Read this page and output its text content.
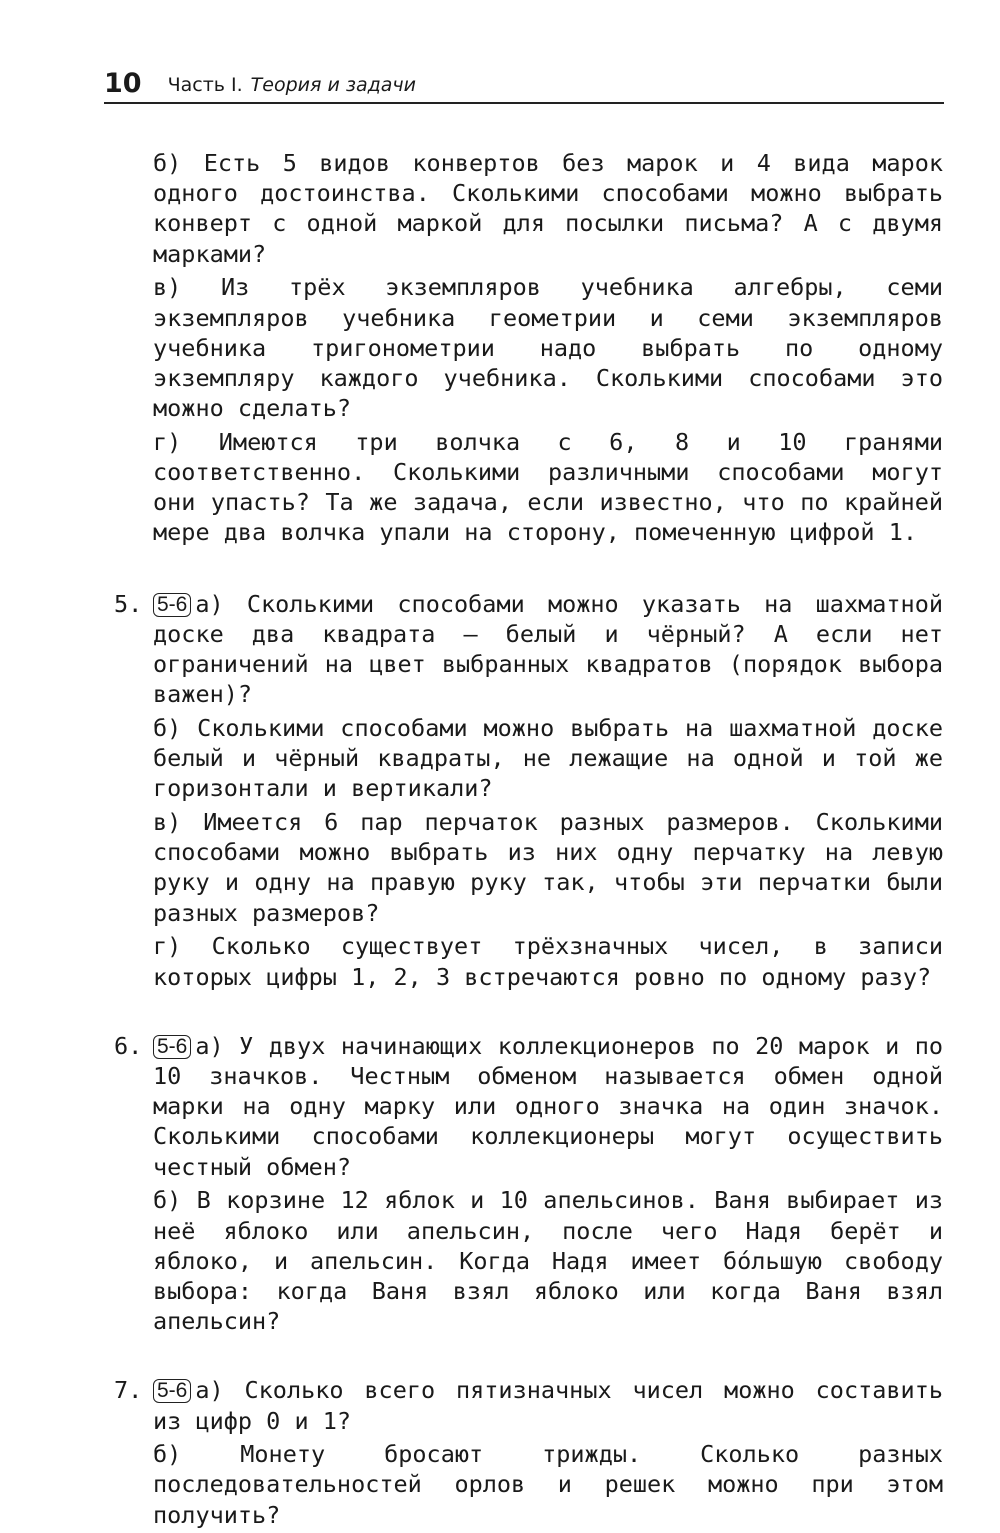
10 Часть I. Теория и задачи
б) Есть 5 видов конвертов без марок и 4 вида марок одного достоинства. Сколькими способами можно выбрать конверт с одной маркой для посылки письма? А с двумя марками?
в) Из трёх экземпляров учебника алгебры, семи экземпляров учебника геометрии и семи экземпляров учебника тригонометрии надо выбрать по одному экземпляру каждого учебника. Сколькими способами это можно сделать?
г) Имеются три волчка с 6, 8 и 10 гранями соответственно. Сколькими различными способами могут они упасть? Та же задача, если известно, что по крайней мере два волчка упали на сторону, помеченную цифрой 1.
5. 5-6 а) Сколькими способами можно указать на шахматной доске два квадрата — белый и чёрный? А если нет ограничений на цвет выбранных квадратов (порядок выбора важен)?
б) Сколькими способами можно выбрать на шахматной доске белый и чёрный квадраты, не лежащие на одной и той же горизонтали и вертикали?
в) Имеется 6 пар перчаток разных размеров. Сколькими способами можно выбрать из них одну перчатку на левую руку и одну на правую руку так, чтобы эти перчатки были разных размеров?
г) Сколько существует трёхзначных чисел, в записи которых цифры 1, 2, 3 встречаются ровно по одному разу?
6. 5-6 а) У двух начинающих коллекционеров по 20 марок и по 10 значков. Честным обменом называется обмен одной марки на одну марку или одного значка на один значок. Сколькими способами коллекционеры могут осуществить честный обмен?
б) В корзине 12 яблок и 10 апельсинов. Ваня выбирает из неё яблоко или апельсин, после чего Надя берёт и яблоко, и апельсин. Когда Надя имеет бо́льшую свободу выбора: когда Ваня взял яблоко или когда Ваня взял апельсин?
7. 5-6 а) Сколько всего пятизначных чисел можно составить из цифр 0 и 1?
б) Монету бросают трижды. Сколько разных последовательностей орлов и решек можно при этом получить?
